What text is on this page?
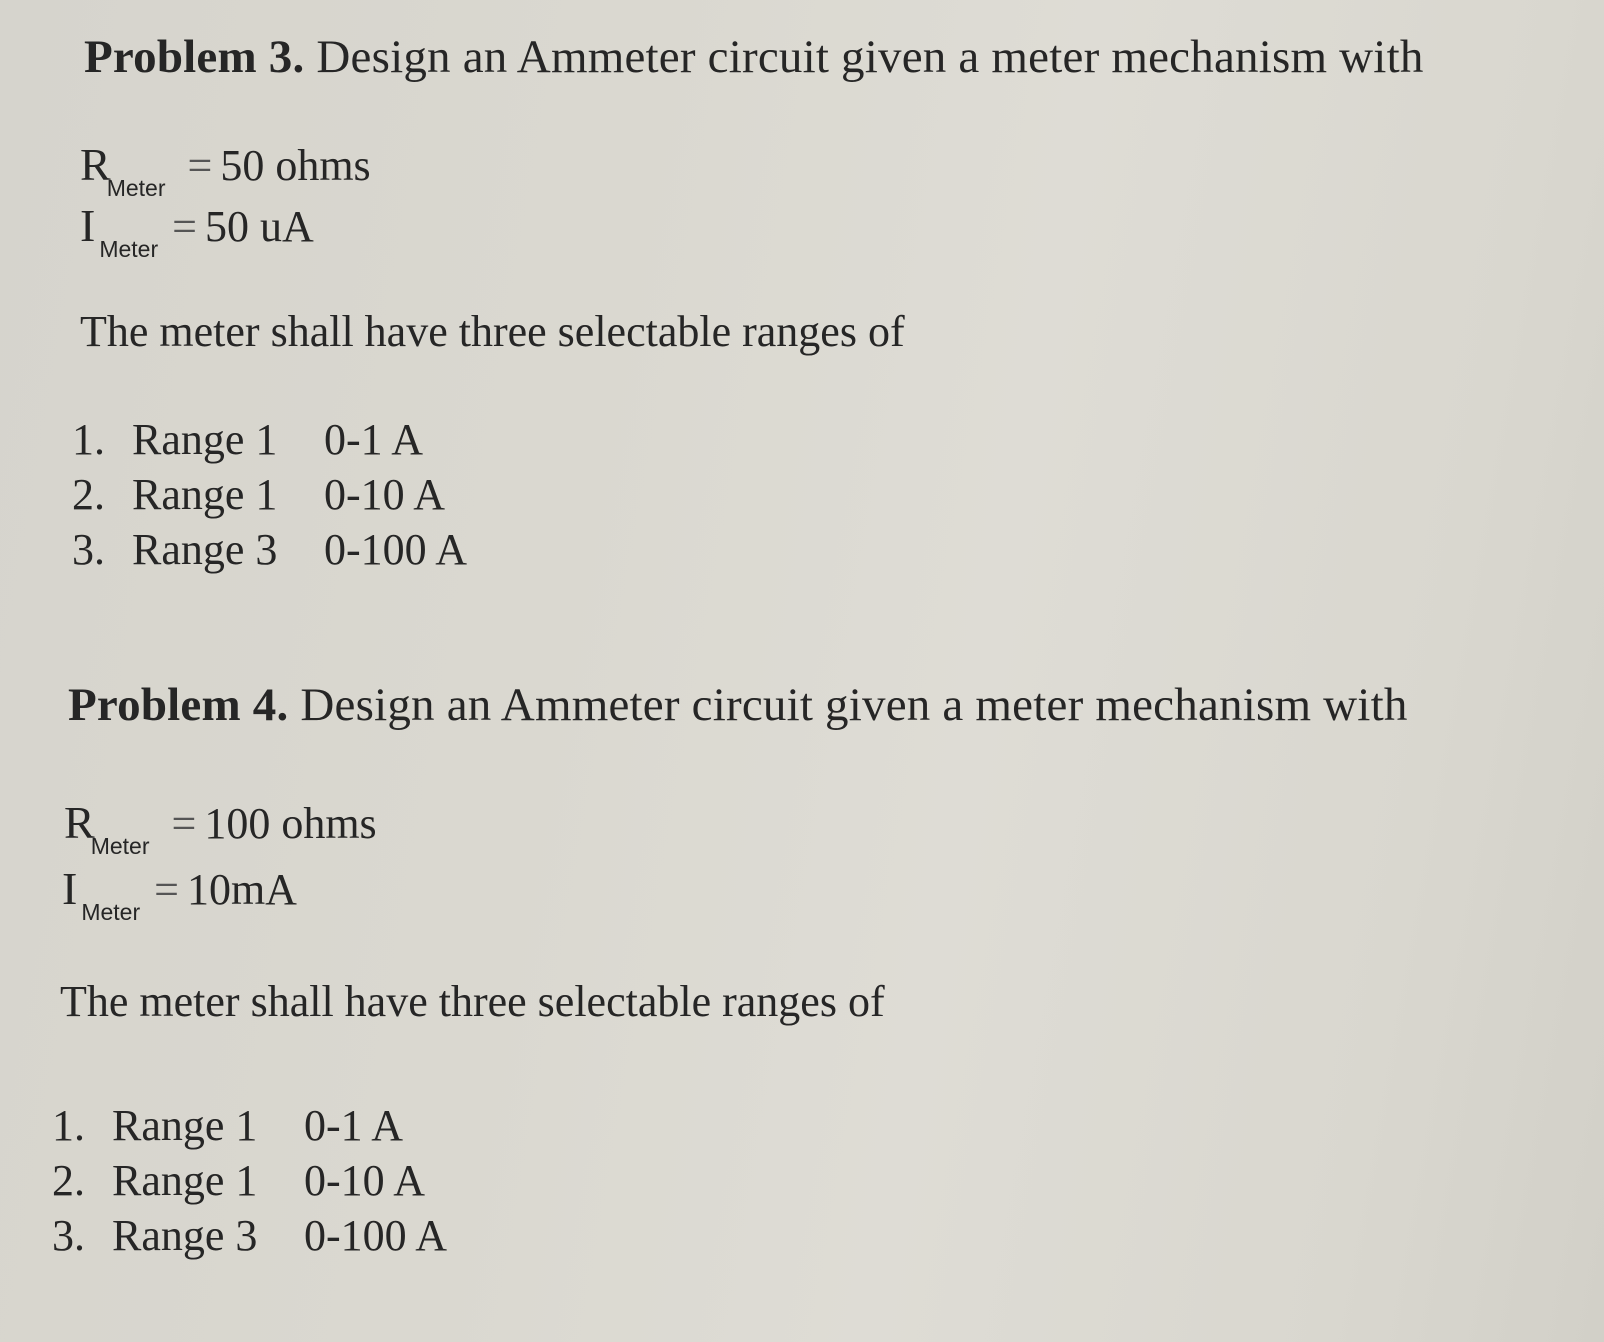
Problem 3. Design an Ammeter circuit given a meter mechanism with
$R_{Meter} = 50$ ohms
I $_{Meter}$ = 50 uA
The meter shall have three selectable ranges of
1. Range 1 0-1 A
2. Range 1 0-10 A
3. Range 3 0-100 A
Problem 4. Design an Ammeter circuit given a meter mechanism with
$R_{Meter} = 100$ ohms
I $_{Meter}$ = 10mA
The meter shall have three selectable ranges of
1. Range 1 0-1 A
2. Range 1 0-10 A
3. Range 3 0-100 A
